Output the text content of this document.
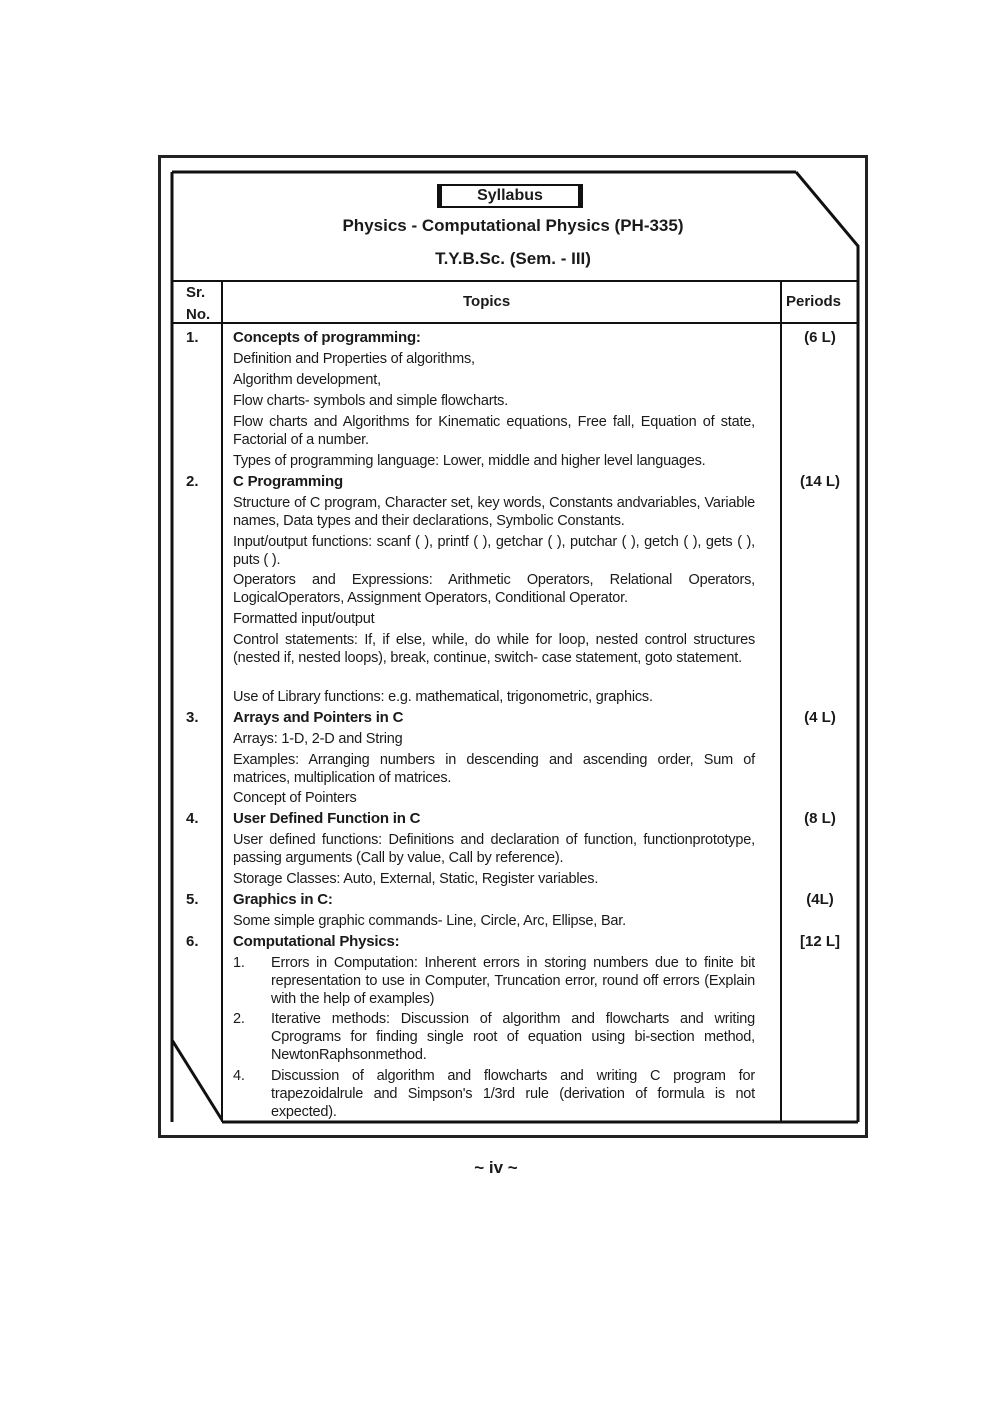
Syllabus
Physics - Computational Physics (PH-335)
T.Y.B.Sc. (Sem. - III)
Sr.
No.
Topics	Periods
1. Concepts of programming:	(6 L)
Definition and Properties of algorithms,
Algorithm development,
Flow charts- symbols and simple flowcharts.
Flow charts and Algorithms for Kinematic equations, Free fall, Equation of state, Factorial of a number.
Types of programming language: Lower, middle and higher level languages.
2. C Programming	(14 L)
Structure of C program, Character set, key words, Constants andvariables, Variable names, Data types and their declarations, Symbolic Constants.
Input/output functions: scanf ( ), printf ( ), getchar ( ), putchar ( ), getch ( ), gets ( ), puts ( ).
Operators and Expressions: Arithmetic Operators, Relational Operators, LogicalOperators, Assignment Operators, Conditional Operator.
Formatted input/output
Control statements: If, if else, while, do while for loop, nested control structures (nested if, nested loops), break, continue, switch- case statement, goto statement.
Use of Library functions: e.g. mathematical, trigonometric, graphics.
3. Arrays and Pointers in C	(4 L)
Arrays: 1-D, 2-D and String
Examples: Arranging numbers in descending and ascending order, Sum of matrices, multiplication of matrices.
Concept of Pointers
4. User Defined Function in C	(8 L)
User defined functions: Definitions and declaration of function, functionprototype, passing arguments (Call by value, Call by reference).
Storage Classes: Auto, External, Static, Register variables.
5. Graphics in C:	(4L)
Some simple graphic commands- Line, Circle, Arc, Ellipse, Bar.
6. Computational Physics:	[12 L]
1. Errors in Computation: Inherent errors in storing numbers due to finite bit representation to use in Computer, Truncation error, round off errors (Explain with the help of examples)
2. Iterative methods: Discussion of algorithm and flowcharts and writing Cprograms for finding single root of equation using bi-section method, NewtonRaphsonmethod.
4. Discussion of algorithm and flowcharts and writing C program for trapezoidalrule and Simpson's 1/3rd rule (derivation of formula is not expected).
~ iv ~
